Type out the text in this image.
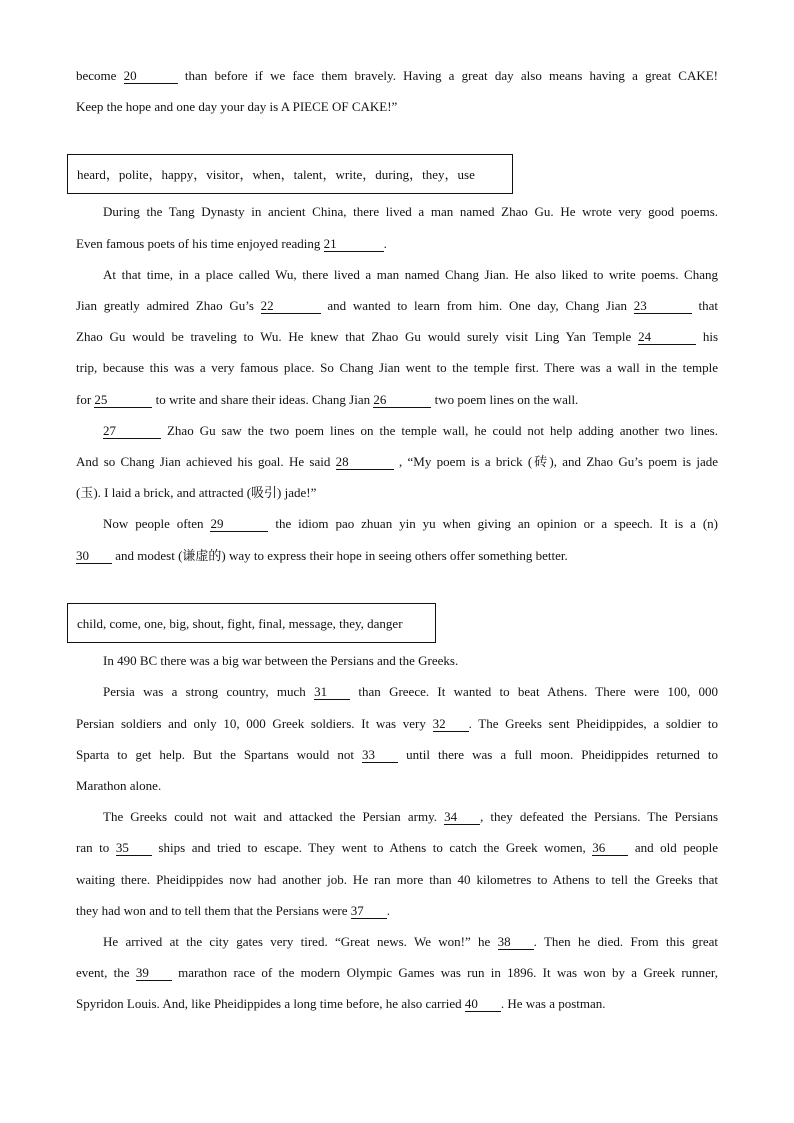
become 20	than before if we face them bravely. Having a great day also means having a great CAKE!
Keep the hope and one day your day is A PIECE OF CAKE!”
heard，polite，happy，visitor，when，talent，write，during，they，use
During the Tang Dynasty in ancient China, there lived a man named Zhao Gu. He wrote very good poems.
Even famous poets of his time enjoyed reading 21	.
At that time, in a place called Wu, there lived a man named Chang Jian. He also liked to write poems. Chang
Jian greatly admired Zhao Gu’s 22	and wanted to learn from him. One day, Chang Jian 23	that
Zhao Gu would be traveling to Wu. He knew that Zhao Gu would surely visit Ling Yan Temple 24	his
trip, because this was a very famous place. So Chang Jian went to the temple first. There was a wall in the temple
for 25	to write and share their ideas. Chang Jian 26	two poem lines on the wall.
27	Zhao Gu saw the two poem lines on the temple wall, he could not help adding another two lines.
And so Chang Jian achieved his goal. He said 28	, “My poem is a brick (砖), and Zhao Gu’s poem is jade
(玉). I laid a brick, and attracted (吸引) jade!”
Now people often 29	the idiom pao zhuan yin yu when giving an opinion or a speech. It is a (n)
30 and modest (谦虚的) way to express their hope in seeing others offer something better.
child, come, one, big, shout, fight, final, message, they, danger
In 490 BC there was a big war between the Persians and the Greeks.
Persia was a strong country, much 31 than Greece. It wanted to beat Athens. There were 100, 000
Persian soldiers and only 10, 000 Greek soldiers. It was very 32 . The Greeks sent Pheidippides, a soldier to
Sparta to get help. But the Spartans would not 33 until there was a full moon. Pheidippides returned to
Marathon alone.
The Greeks could not wait and attacked the Persian army. 34 , they defeated the Persians. The Persians
ran to 35 ships and tried to escape. They went to Athens to catch the Greek women, 36 and old people
waiting there. Pheidippides now had another job. He ran more than 40 kilometres to Athens to tell the Greeks that
they had won and to tell them that the Persians were 37 .
He arrived at the city gates very tired. “Great news. We won!” he 38 . Then he died. From this great
event, the 39 marathon race of the modern Olympic Games was run in 1896. It was won by a Greek runner,
Spyridon Louis. And, like Pheidippides a long time before, he also carried 40 . He was a postman.
